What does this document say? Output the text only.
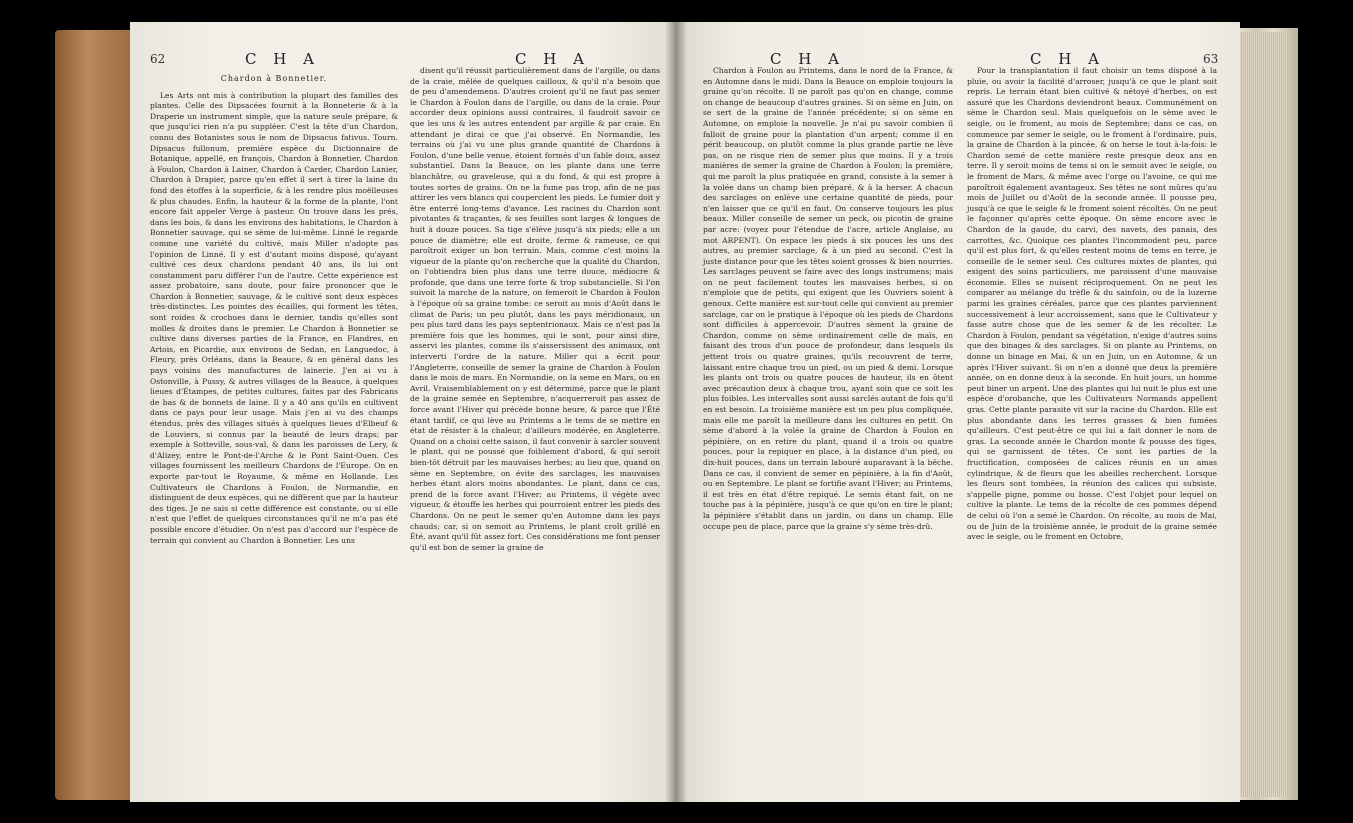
62	C H A	C H A
Chardon à Bonnetier.

Les Arts ont mis à contribution la plupart des familles des plantes. Celle des Dipsacées fournit à la Bonneterie & à la Draperie un instrument simple, que la nature seule prépare, & que jusqu'ici rien n'a pu suppléer. C'est la tête d'un Chardon, connu des Botanistes sous le nom de Dipsacus fativus. Tourn. Dipsacus fullonum, première espèce du Dictionnaire de Botanique, appellé, en françois, Chardon à Bonnetier, Chardon à Foulon, Chardon à Lainer, Chardon à Carder, Chardon Lanier, Chardon à Drapier, parce qu'en effet il sert à tirer la laine du fond des étoffes à la superficie, & à les rendre plus moëlleuses & plus chaudes. Enfin, la hauteur & la forme de la plante, l'ont encore fait appeler Verge à pasteur. On trouve dans les prés, dans les bois, & dans les environs des habitations, le Chardon à Bonnetier sauvage, qui se sème de lui-même. Linné le regarde comme une variété du cultivé, mais Miller n'adopte pas l'opinion de Linné. Il y est d'autant moins disposé, qu'ayant cultivé ces deux chardons pendant 40 ans, ils lui ont constamment paru différer l'un de l'autre. Cette expérience est assez probatoire, sans doute, pour faire prononcer que le Chardon à Bonnetier, sauvage, & le cultivé sont deux espèces très-distinctes. Les pointes des écailles, qui forment les têtes, sont roides & crochues dans le dernier, tandis qu'elles sont molles & droites dans le premier. Le Chardon à Bonnetier se cultive dans diverses parties de la France, en Flandres, en Artois, en Picardie, aux environs de Sedan, en Languedoc, à Fleury, près Orléans, dans la Beauce, & en général dans les pays voisins des manufactures de lainerie. J'en ai vu à Ostonville, à Pussy, & autres villages de la Beauce, à quelques lieues d'Étampes, de petites cultures, faites par des Fabricans de bas & de bonnets de laine. Il y a 40 ans qu'ils en cultivent dans ce pays pour leur usage. Mais j'en ai vu des champs étendus, près des villages situés à quelques lieues d'Elbeuf & de Louviers, si connus par la beauté de leurs draps; par exemple à Sotteville, sous-val, & dans les paroisses de Lery, & d'Alizey, entre le Pont-de-l'Arche & le Pont Saint-Ouen. Ces villages fournissent les meilleurs Chardons de l'Europe. On en exporte par-tout le Royaume, & même en Hollande. Les Cultivateurs de Chardons à Foulon, de Normandie, en distinguent de deux espèces, qui ne diffèrent que par la hauteur des tiges. Je ne sais si cette différence est constante, ou si elle n'est que l'effet de quelques circonstances qu'il ne m'a pas été possible encore d'étudier. On n'est pas d'accord sur l'espèce de terrain qui convient au Chardon à Bonnetier. Les uns

disent qu'il réussit particulièrement dans de l'argille, ou dans de la craie, mêlée de quelques cailloux, & qu'il n'a besoin que de peu d'amendemens. D'autres croient qu'il ne faut pas semer le Chardon à Foulon dans de l'argille, ou dans de la craie. Pour accorder deux opinions aussi contraires, il faudroit savoir ce que les uns & les autres entendent par argille & par craie. En attendant je dirai ce que j'ai observé. En Normandie, les terrains où j'ai vu une plus grande quantité de Chardons à Foulon, d'une belle venue, étoient formés d'un fable doux, assez substantiel. Dans la Beauce, on les plante dans une terre blanchâtre, ou graveleuse, qui a du fond, & qui est propre à toutes sortes de grains. On ne la fume pas trop, afin de ne pas attirer les vers blancs qui coupercient les pieds. Le fumier doit y être enterré long-tems d'avance. Les racines du Chardon sont pivotantes & traçantes, & ses feuilles sont larges & longues de huit à douze pouces. Sa tige s'élève jusqu'à six pieds; elle a un pouce de diamètre; elle est droite, ferme & rameuse, ce qui paroîtroit exiger un bon terrain. Mais, comme c'est moins la vigueur de la plante qu'on recherche que la qualité du Chardon, on l'obtiendra bien plus dans une terre douce, médiocre & profonde, que dans une terre forte & trop substancielle. Si l'on suivoit la marche de la nature, on femeroit le Chardon à Foulon à l'époque où sa graine tombe: ce seroit au mois d'Août dans le climat de Paris; un peu plutôt, dans les pays méridionaux, un peu plus tard dans les pays septentrionaux. Mais ce n'est pas la première fois que les hommes, qui le sont, pour ainsi dire, asservi les plantes, comme ils s'aissersissent des animaux, ont interverti l'ordre de la nature. Miller qui a écrit pour l'Angleterre, conseille de semer la graine de Chardon à Foulon dans le mois de mars. En Normandie, on la seme en Mars, ou en Avril. Vraisemblablement on y est déterminé, parce que le plant de la graine semée en Septembre, n'acquerreroit pas assez de force avant l'Hiver qui précède bonne heure, & parce que l'Été étant tardif, ce qui lève au Printems a le tems de se mettre en état de résister à la chaleur, d'ailleurs modérée, en Angleterre. Quand on a choisi cette saison, il faut convenir à sarcler souvent le plant, qui ne poussé que foiblement d'abord, & qui seroit bien-tôt détruit par les mauvaises herbes; au lieu que, quand on sème en Septembre, on évite des sarclages, les mauvaises herbes étant alors moins abondantes. Le plant, dans ce cas, prend de la force avant l'Hiver; au Printems, il végète avec vigueur, & étouffe les herbes qui pourroient entrer les pieds des Chardons. On ne peut le semer qu'en Automne dans les pays chauds; car, si on semoit au Printems, le plant croît grillé en Été, avant qu'il fût assez fort. Ces considérations me font penser qu'il est bon de semer la graine de

C H A	C H A	63

Chardon à Foulon au Printems, dans le nord de la France, & en Automne dans le midi. Dans la Beauce on emploie toujours la graine qu'on récolte. Il ne paroît pas qu'on en change, comme on change de beaucoup d'autres graines. Si on sème en Juin, on se sert de la graine de l'année précédente; si on sème en Automne, on emploie la nouvelle. Je n'ai pu savoir combien il falloit de graine pour la plantation d'un arpent; comme il en périt beaucoup, on plutôt comme la plus grande partie ne lève pas, on ne risque rien de semer plus que moins. Il y a trois manières de semer la graine de Chardon à Foulon; la première, qui me paroît la plus pratiquée en grand, consiste à la semer à la volée dans un champ bien préparé, & à la herser. A chacun des sarclages on enlève une certaine quantité de pieds, pour n'en laisser que ce qu'il en faut. On conserve toujours les plus beaux. Miller conseille de semer un peck, ou picotin de graine par acre: (voyez pour l'étendue de l'acre, article Anglaise, au mot ARPENT). On espace les pieds à six pouces les uns des autres, au premier sarclage, & à un pied au second. C'est la juste distance pour que les têtes soient grosses & bien nourries. Les sarclages peuvent se faire avec des longs instrumens; mais on ne peut facilement toutes les mauvaises herbes, si on n'emploie que de petits, qui exigent que les Ouvriers soient à genoux. Cette manière est sur-tout celle qui convient au premier sarclage, car on le pratique à l'époque où les pieds de Chardons sont difficiles à appercevoir. D'autres sèment la graine de Chardon, comme on sème ordinairement celle de maïs, en faisant des trous d'un pouce de profondeur, dans lesquels ils jettent trois ou quatre graines, qu'ils recouvrent de terre, laissant entre chaque trou un pied, ou un pied & demi. Lorsque les plants ont trois ou quatre pouces de hauteur, ils en ôtent avec précaution deux à chaque trou, ayant soin que ce soit les plus foibles. Les intervalles sont aussi sarclés autant de fois qu'il en est besoin. La troisième manière est un peu plus compliquée, mais elle me paroît la meilleure dans les cultures en petit. On sème d'abord à la volée la graine de Chardon à Foulon en pépinière, on en retire du plant, quand il a trois ou quatre pouces, pour la repiquer en place, à la distance d'un pied, ou dix-huit pouces, dans un terrain labouré auparavant à la bêche. Dans ce cas, il convient de semer en pépinière, à la fin d'Août, ou en Septembre. Le plant se fortifie avant l'Hiver; au Printems, il est très en état d'être repiqué. Le semis étant fait, on ne touche pas à la pépinière, jusqu'à ce que qu'on en tire le plant; la pépinière s'établit dans un jardin, ou dans un champ. Elle occupe peu de place, parce que la graine s'y sème très-drû.

Pour la transplantation il faut choisir un tems disposé à la pluie, ou avoir la facilité d'arroser, jusqu'à ce que le plant soit repris. Le terrain étant bien cultivé & nétoyé d'herbes, on est assuré que les Chardons deviendront beaux. Communément on sème le Chardon seul. Mais quelquefois on le sème avec le seigle, ou le froment, au mois de Septembre; dans ce cas, on commence par semer le seigle, ou le froment à l'ordinaire, puis, la graine de Chardon à la pincée, & on herse le tout à-la-fois: le Chardon semé de cette manière reste presque deux ans en terre. Il y seroit moins de tems si on le semoit avec le seigle, ou le froment de Mars, & même avec l'orge ou l'avoine, ce qui me paroîtroit également avantageux. Ses têtes ne sont mûres qu'au mois de Juillet ou d'Août de la seconde année. Il pousse peu, jusqu'à ce que le seigle & le froment soient récoltés. On ne peut le façonner qu'après cette époque. On sème encore avec le Chardon de la gaude, du carvi, des navets, des panais, des carrottes, &c. Quoique ces plantes l'incommodent peu, parce qu'il est plus fort, & qu'elles restent moins de tems en terre, je conseille de le semer seul. Ces cultures mixtes de plantes, qui exigent des soins particuliers, me paroissent d'une mauvaise économie. Elles se nuisent réciproquement. On ne peut les comparer au mélange du trèfle & du sainfoin, ou de la luzerne parmi les graines céréales, parce que ces plantes parviennent successivement à leur accroissement, sans que le Cultivateur y fasse autre chose que de les semer & de les récolter. Le Chardon à Foulon, pendant sa végétation, n'exige d'autres soins que des binages & des sarclages. Si on plante au Printems, on donne un binage en Mai, & un en Juin, un en Automne, & un après l'Hiver suivant. Si on n'en a donné que deux la première année, on en donne deux à la seconde. En huit jours, un homme peut biner un arpent. Une des plantes qui lui nuit le plus est une espèce d'orobanche, que les Cultivateurs Normands appellent gras. Cette plante parasite vit sur la racine du Chardon. Elle est plus abondante dans les terres grasses & bien fumées qu'ailleurs. C'est peut-être ce qui lui a fait donner le nom de gras. La seconde année le Chardon monte & pousse des tiges, qui se garnissent de têtes. Ce sont les parties de la fructification, composées de calices réunis en un amas cylindrique, & de fleurs que les abeilles recherchent. Lorsque les fleurs sont tombées, la réunion des calices qui subsiste, s'appelle pigne, pomme ou bosse. C'est l'objet pour lequel on cultive la plante. Le tems de la récolte de ces pommes dépend de celui où l'on a semé le Chardon. On récolte, au mois de Mai, ou de Juin de la troisième année, le produit de la graine semée avec le seigle, ou le froment en Octobre,
